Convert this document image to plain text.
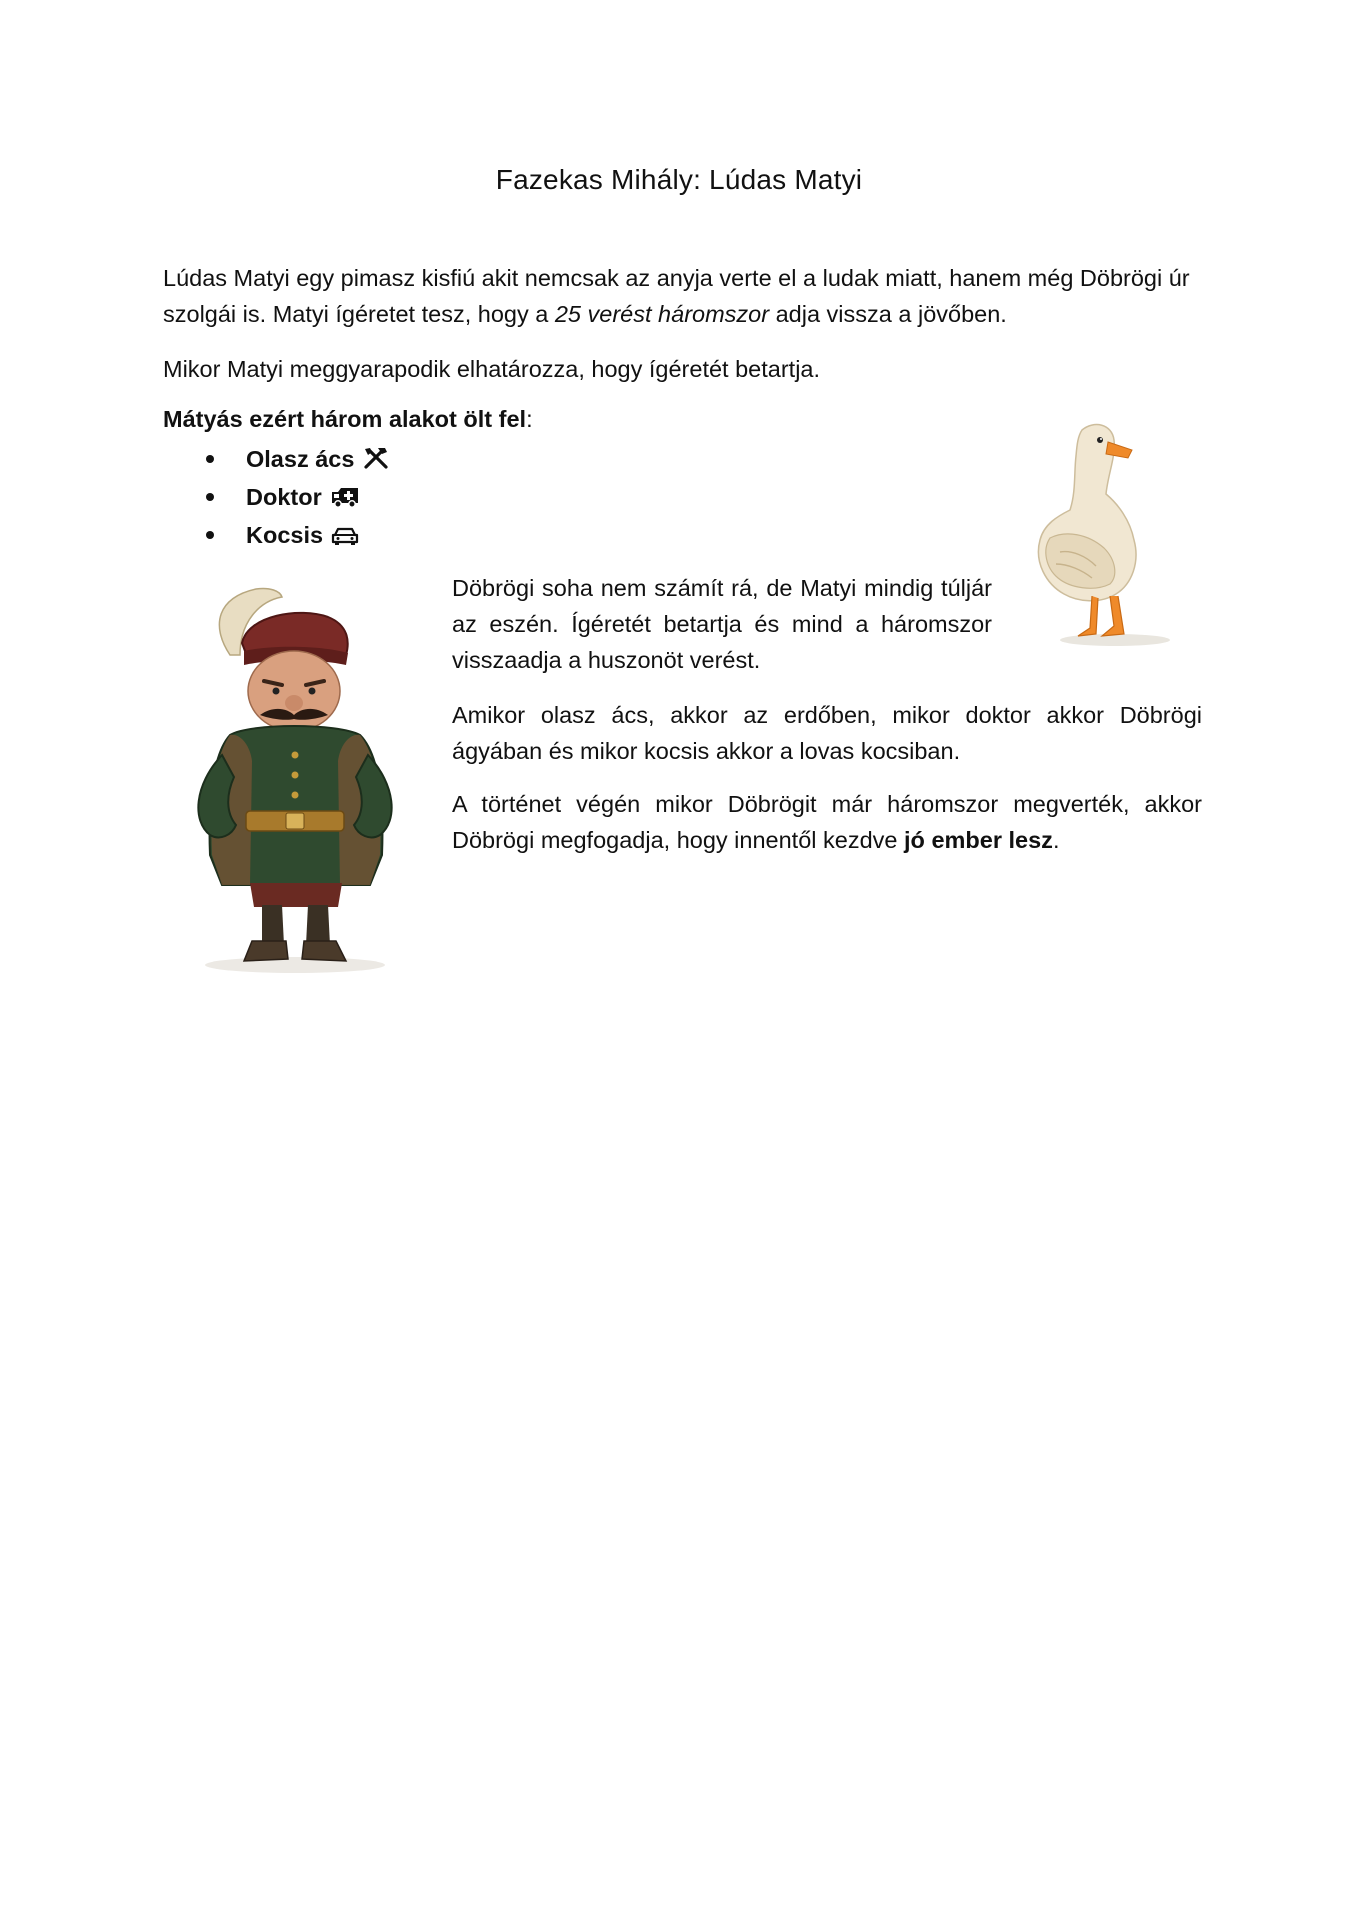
Fazekas Mihály: Lúdas Matyi
Lúdas Matyi egy pimasz kisfiú akit nemcsak az anyja verte el a ludak miatt, hanem még Döbrögi úr szolgái is. Matyi ígéretet tesz, hogy a 25 verést háromszor adja vissza a jövőben.
Mikor Matyi meggyarapodik elhatározza, hogy ígéretét betartja.
Mátyás ezért három alakot ölt fel:
Olasz ács
Doktor
Kocsis
Döbrögi soha nem számít rá, de Matyi mindig túljár az eszén. Ígéretét betartja és mind a háromszor visszaadja a huszonöt verést.
Amikor olasz ács, akkor az erdőben, mikor doktor akkor Döbrögi ágyában és mikor kocsis akkor a lovas kocsiban.
A történet végén mikor Döbrögit már háromszor megverték, akkor Döbrögi megfogadja, hogy innentől kezdve jó ember lesz.
